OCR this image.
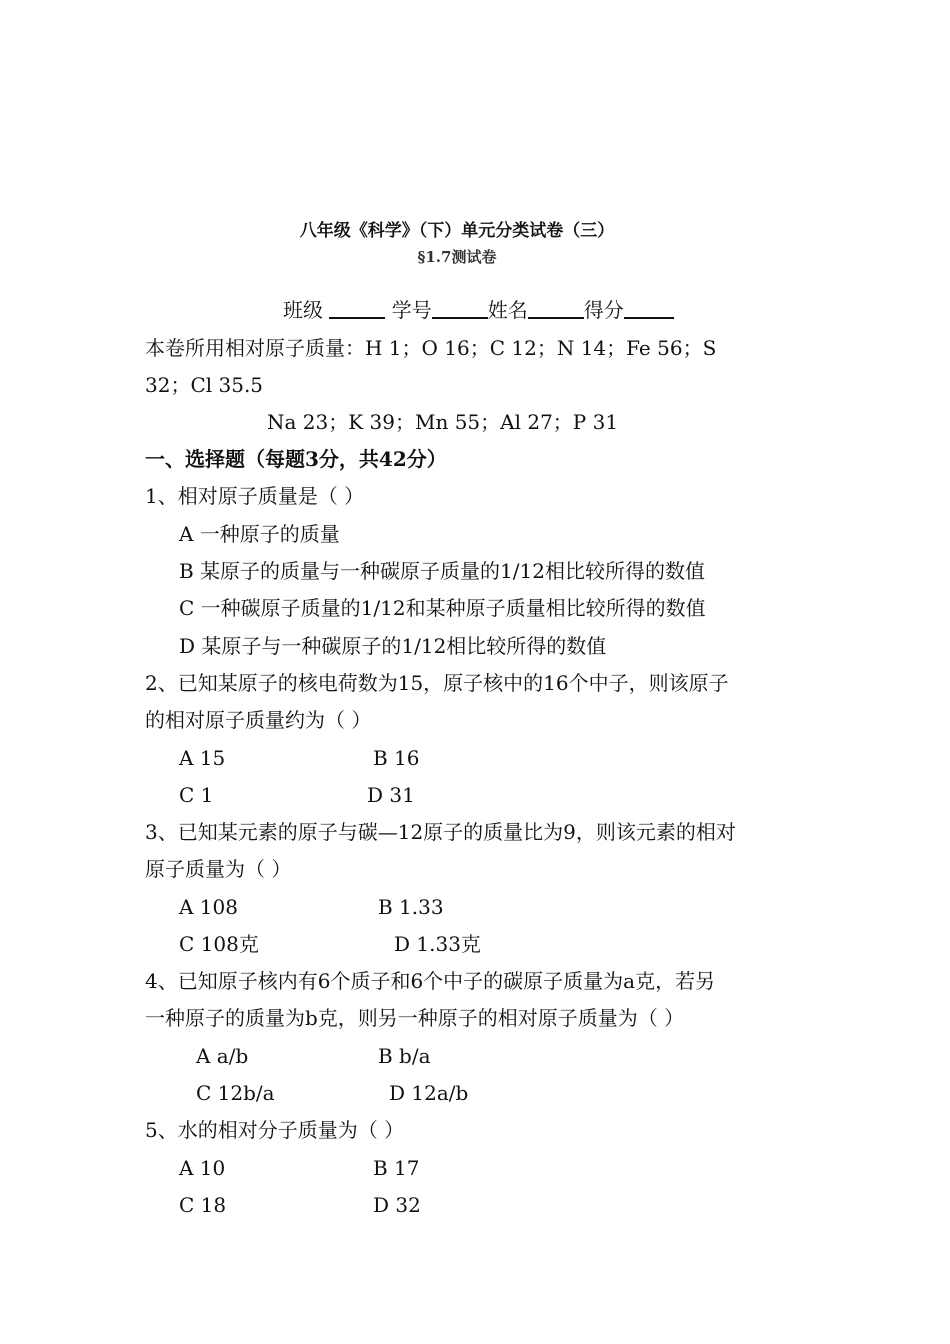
八年级《科学》（下）单元分类试卷（三）
§1.7测试卷
班级	学号	姓名	得分
本卷所用相对原子质量：H 1；O 16；C 12；N 14；Fe 56；S
32；Cl 35.5
Na 23；K 39；Mn 55；Al 27；P 31
一、选择题（每题3分，共42分）
1、相对原子质量是（ ）
A 一种原子的质量
B 某原子的质量与一种碳原子质量的1/12相比较所得的数值
C 一种碳原子质量的1/12和某种原子质量相比较所得的数值
D 某原子与一种碳原子的1/12相比较所得的数值
2、已知某原子的核电荷数为15，原子核中的16个中子，则该原子
的相对原子质量约为（ ）
A 15	B 16
C 1	D 31
3、已知某元素的原子与碳—12原子的质量比为9，则该元素的相对
原子质量为（ ）
A 108	B 1.33
C 108克	D 1.33克
4、已知原子核内有6个质子和6个中子的碳原子质量为a克，若另
一种原子的质量为b克，则另一种原子的相对原子质量为（ ）
A a/b	B b/a
C 12b/a	D 12a/b
5、水的相对分子质量为（ ）
A 10	B 17
C 18	D 32
